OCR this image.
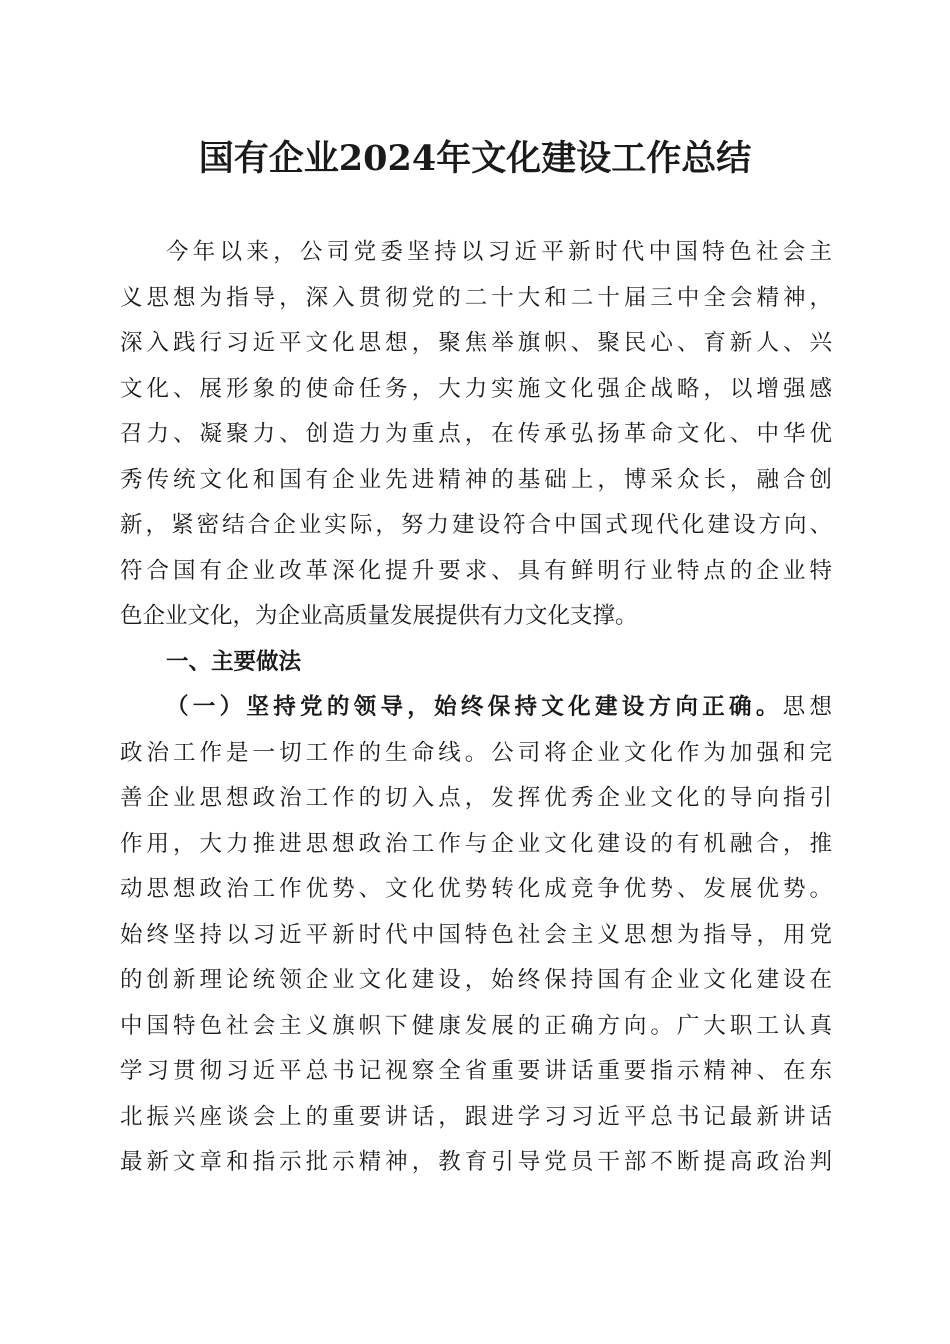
国有企业2024年文化建设工作总结
今年以来，公司党委坚持以习近平新时代中国特色社会主
义思想为指导，深入贯彻党的二十大和二十届三中全会精神，
深入践行习近平文化思想，聚焦举旗帜、聚民心、育新人、兴
文化、展形象的使命任务，大力实施文化强企战略，以增强感
召力、凝聚力、创造力为重点，在传承弘扬革命文化、中华优
秀传统文化和国有企业先进精神的基础上，博采众长，融合创
新，紧密结合企业实际，努力建设符合中国式现代化建设方向、
符合国有企业改革深化提升要求、具有鲜明行业特点的企业特
色企业文化，为企业高质量发展提供有力文化支撑。
一、主要做法
（一）坚持党的领导，始终保持文化建设方向正确。思想
政治工作是一切工作的生命线。公司将企业文化作为加强和完
善企业思想政治工作的切入点，发挥优秀企业文化的导向指引
作用，大力推进思想政治工作与企业文化建设的有机融合，推
动思想政治工作优势、文化优势转化成竞争优势、发展优势。
始终坚持以习近平新时代中国特色社会主义思想为指导，用党
的创新理论统领企业文化建设，始终保持国有企业文化建设在
中国特色社会主义旗帜下健康发展的正确方向。广大职工认真
学习贯彻习近平总书记视察全省重要讲话重要指示精神、在东
北振兴座谈会上的重要讲话，跟进学习习近平总书记最新讲话
最新文章和指示批示精神，教育引导党员干部不断提高政治判
